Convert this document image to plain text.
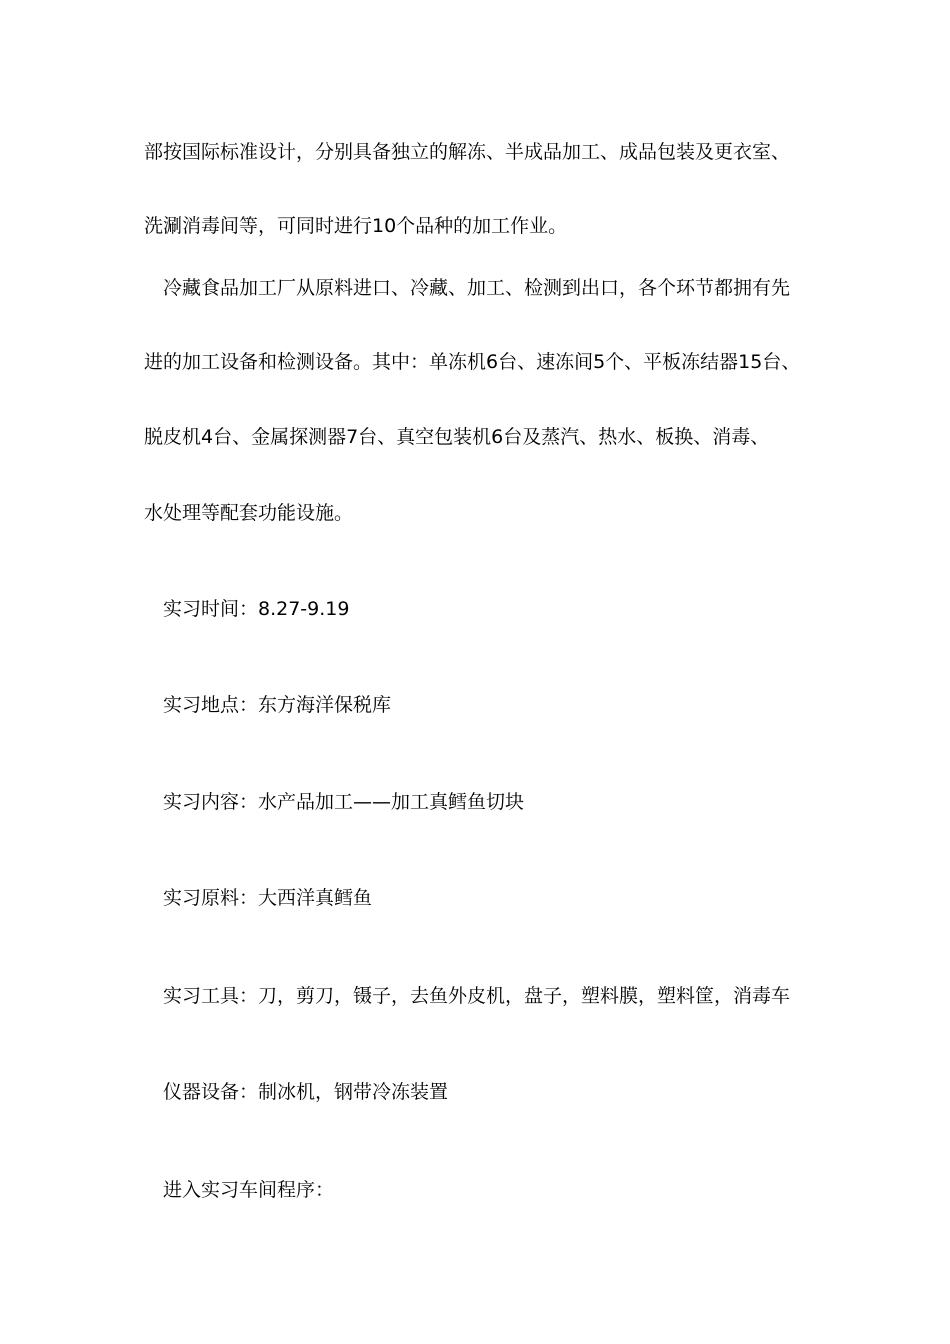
部按国际标准设计，分别具备独立的解冻、半成品加工、成品包装及更衣室、
洗涮消毒间等，可同时进行10个品种的加工作业。
冷藏食品加工厂从原料进口、冷藏、加工、检测到出口，各个环节都拥有先
进的加工设备和检测设备。其中：单冻机6台、速冻间5个、平板冻结器15台、
脱皮机4台、金属探测器7台、真空包装机6台及蒸汽、热水、板换、消毒、
水处理等配套功能设施。
实习时间：8.27-9.19
实习地点：东方海洋保税库
实习内容：水产品加工——加工真鳕鱼切块
实习原料：大西洋真鳕鱼
实习工具：刀，剪刀，镊子，去鱼外皮机，盘子，塑料膜，塑料筐，消毒车
仪器设备：制冰机，钢带冷冻装置
进入实习车间程序：
